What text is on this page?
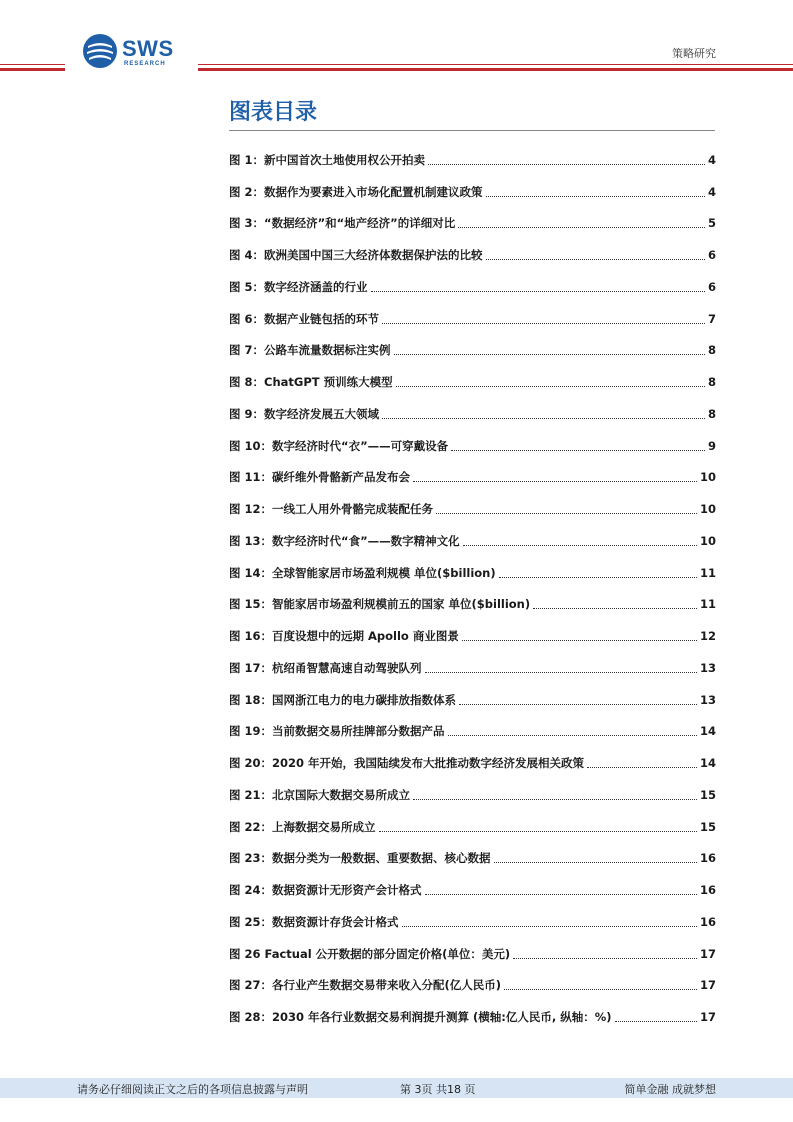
SWS
RESEARCH
策略研究
图表目录
图 1：新中国首次土地使用权公开拍卖	4
图 2：数据作为要素进入市场化配置机制建议政策	4
图 3：“数据经济”和“地产经济”的详细对比	5
图 4：欧洲美国中国三大经济体数据保护法的比较	6
图 5：数字经济涵盖的行业	6
图 6：数据产业链包括的环节	7
图 7：公路车流量数据标注实例	8
图 8：ChatGPT 预训练大模型	8
图 9：数字经济发展五大领域	8
图 10：数字经济时代“衣”——可穿戴设备	9
图 11：碳纤维外骨骼新产品发布会	10
图 12：一线工人用外骨骼完成装配任务	10
图 13：数字经济时代“食”——数字精神文化	10
图 14：全球智能家居市场盈利规模 单位($billion)	11
图 15：智能家居市场盈利规模前五的国家 单位($billion)	11
图 16：百度设想中的远期 Apollo 商业图景	12
图 17：杭绍甬智慧高速自动驾驶队列	13
图 18：国网浙江电力的电力碳排放指数体系	13
图 19：当前数据交易所挂牌部分数据产品	14
图 20：2020 年开始，我国陆续发布大批推动数字经济发展相关政策	14
图 21：北京国际大数据交易所成立	15
图 22：上海数据交易所成立	15
图 23：数据分类为一般数据、重要数据、核心数据	16
图 24：数据资源计无形资产会计格式	16
图 25：数据资源计存货会计格式	16
图 26 Factual 公开数据的部分固定价格(单位：美元)	17
图 27：各行业产生数据交易带来收入分配(亿人民币)	17
图 28：2030 年各行业数据交易利润提升测算 (横轴:亿人民币, 纵轴：%)	17
请务必仔细阅读正文之后的各项信息披露与声明	第 3页 共18 页	简单金融 成就梦想
